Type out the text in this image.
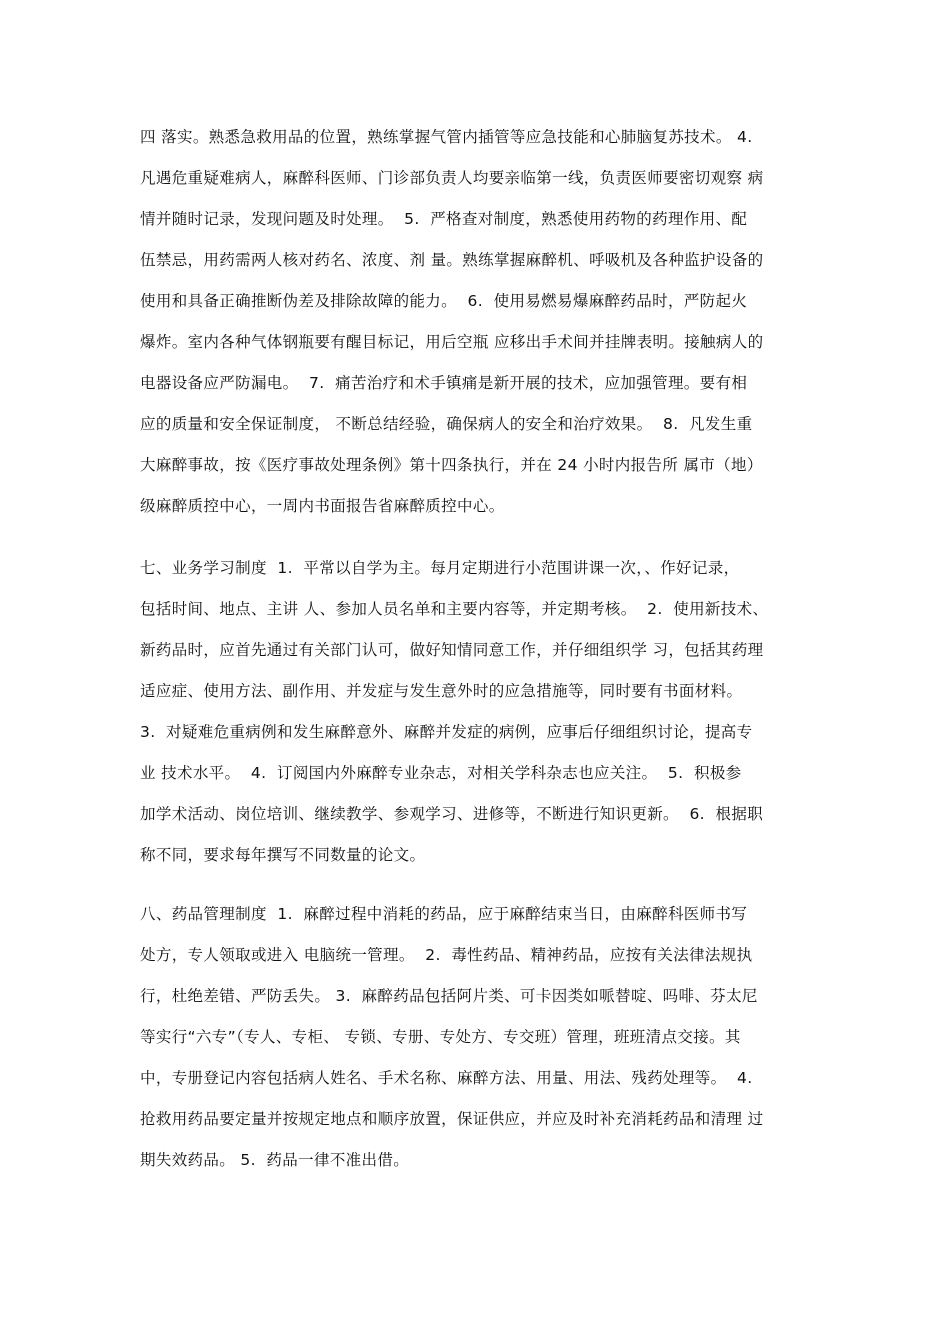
四 落实。熟悉急救用品的位置，熟练掌握气管内插管等应急技能和心肺脑复苏技术。 4.
凡遇危重疑难病人，麻醉科医师、门诊部负责人均要亲临第一线，负责医师要密切观察 病
情并随时记录，发现问题及时处理。  5.  严格查对制度，熟悉使用药物的药理作用、配
伍禁忌，用药需两人核对药名、浓度、剂 量。熟练掌握麻醉机、呼吸机及各种监护设备的
使用和具备正确推断伪差及排除故障的能力。  6.  使用易燃易爆麻醉药品时，严防起火
爆炸。室内各种气体钢瓶要有醒目标记，用后空瓶 应移出手术间并挂牌表明。接触病人的
电器设备应严防漏电。  7.  痛苦治疗和术手镇痛是新开展的技术，应加强管理。要有相
应的质量和安全保证制度， 不断总结经验，确保病人的安全和治疗效果。  8.  凡发生重
大麻醉事故，按《医疗事故处理条例》第十四条执行，并在 24 小时内报告所 属市（地）
级麻醉质控中心，一周内书面报告省麻醉质控中心。
七、业务学习制度  1.  平常以自学为主。每月定期进行小范围讲课一次，、作好记录，
包括时间、地点、主讲 人、参加人员名单和主要内容等，并定期考核。  2.  使用新技术、
新药品时，应首先通过有关部门认可，做好知情同意工作，并仔细组织学 习，包括其药理
适应症、使用方法、副作用、并发症与发生意外时的应急措施等，同时要有书面材料。
3.  对疑难危重病例和发生麻醉意外、麻醉并发症的病例，应事后仔细组织讨论，提高专
业 技术水平。  4.  订阅国内外麻醉专业杂志，对相关学科杂志也应关注。  5.  积极参
加学术活动、岗位培训、继续教学、参观学习、进修等，不断进行知识更新。  6.  根据职
称不同，要求每年撰写不同数量的论文。
八、药品管理制度  1.  麻醉过程中消耗的药品，应于麻醉结束当日，由麻醉科医师书写
处方，专人领取或进入 电脑统一管理。  2.  毒性药品、精神药品，应按有关法律法规执
行，杜绝差错、严防丢失。 3.  麻醉药品包括阿片类、可卡因类如哌替啶、吗啡、芬太尼
等实行“六专”（专人、专柜、 专锁、专册、专处方、专交班）管理，班班清点交接。其
中，专册登记内容包括病人姓名、手术名称、麻醉方法、用量、用法、残药处理等。  4.
抢救用药品要定量并按规定地点和顺序放置，保证供应，并应及时补充消耗药品和清理 过
期失效药品。 5.  药品一律不准出借。
